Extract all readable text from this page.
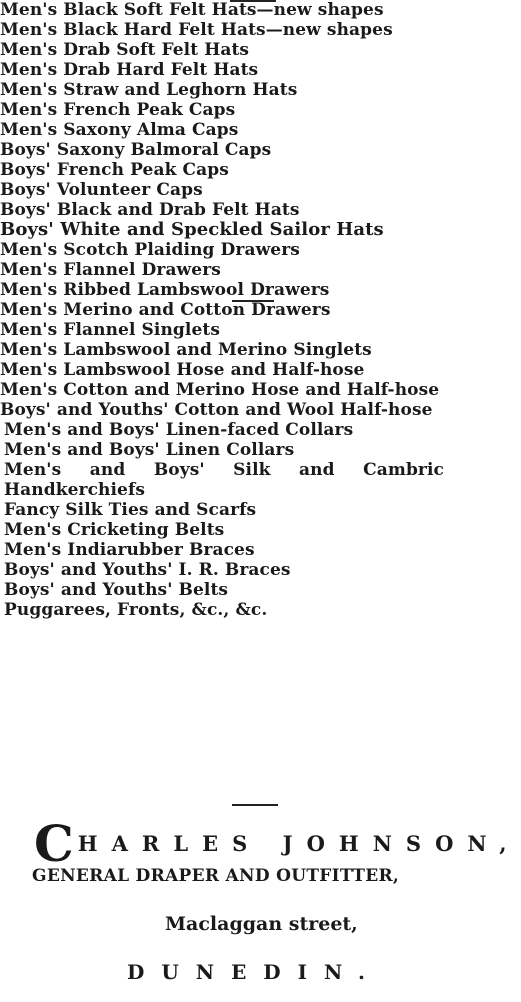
Men's Black Soft Felt Hats—new shapes
Men's Black Hard Felt Hats—new shapes
Men's Drab Soft Felt Hats
Men's Drab Hard Felt Hats
Men's Straw and Leghorn Hats
Men's French Peak Caps
Men's Saxony Alma Caps
Boys' Saxony Balmoral Caps
Boys' French Peak Caps
Boys' Volunteer Caps
Boys' Black and Drab Felt Hats
Boys' White and Speckled Sailor Hats
Men's Scotch Plaiding Drawers
Men's Flannel Drawers
Men's Ribbed Lambswool Drawers
Men's Merino and Cotton Drawers
Men's Flannel Singlets
Men's Lambswool and Merino Singlets
Men's Lambswool Hose and Half-hose
Men's Cotton and Merino Hose and Half-hose
Boys' and Youths' Cotton and Wool Half-hose
Men's and Boys' Linen-faced Collars
Men's and Boys' Linen Collars
Men's and Boys' Silk and Cambric Handkerchiefs
Fancy Silk Ties and Scarfs
Men's Cricketing Belts
Men's Indiarubber Braces
Boys' and Youths' I. R. Braces
Boys' and Youths' Belts
Puggarees, Fronts, &c., &c.
CHARLES JOHNSON,
GENERAL DRAPER AND OUTFITTER,
Maclaggan street,
DUNEDIN.
